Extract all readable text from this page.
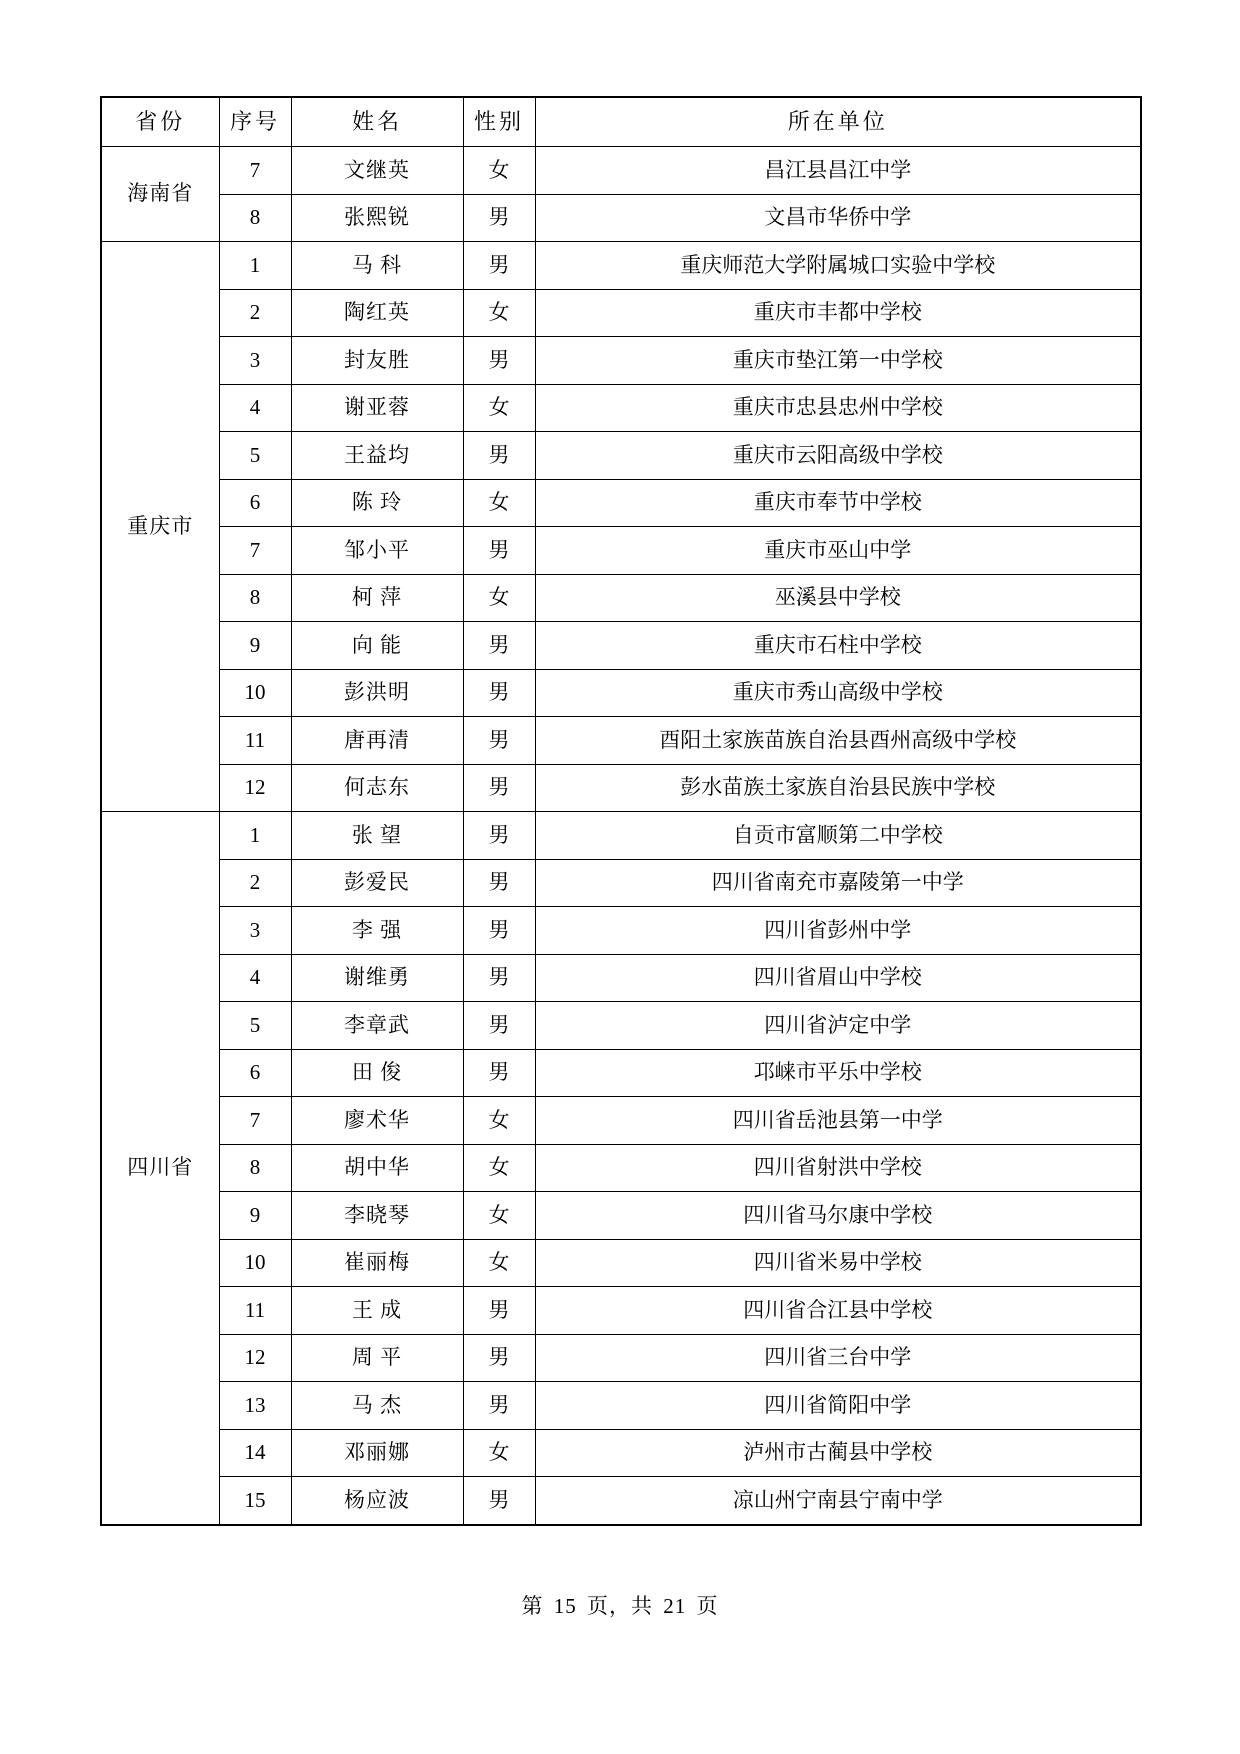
省份	序号	姓名	性别	所在单位
海南省	7	文继英	女	昌江县昌江中学
	8	张熙锐	男	文昌市华侨中学
重庆市	1	马 科	男	重庆师范大学附属城口实验中学校
	2	陶红英	女	重庆市丰都中学校
	3	封友胜	男	重庆市垫江第一中学校
	4	谢亚蓉	女	重庆市忠县忠州中学校
	5	王益均	男	重庆市云阳高级中学校
	6	陈 玲	女	重庆市奉节中学校
	7	邹小平	男	重庆市巫山中学
	8	柯 萍	女	巫溪县中学校
	9	向 能	男	重庆市石柱中学校
	10	彭洪明	男	重庆市秀山高级中学校
	11	唐再清	男	酉阳土家族苗族自治县酉州高级中学校
	12	何志东	男	彭水苗族土家族自治县民族中学校
四川省	1	张 望	男	自贡市富顺第二中学校
	2	彭爱民	男	四川省南充市嘉陵第一中学
	3	李 强	男	四川省彭州中学
	4	谢维勇	男	四川省眉山中学校
	5	李章武	男	四川省泸定中学
	6	田 俊	男	邛崃市平乐中学校
	7	廖术华	女	四川省岳池县第一中学
	8	胡中华	女	四川省射洪中学校
	9	李晓琴	女	四川省马尔康中学校
	10	崔丽梅	女	四川省米易中学校
	11	王 成	男	四川省合江县中学校
	12	周 平	男	四川省三台中学
	13	马 杰	男	四川省简阳中学
	14	邓丽娜	女	泸州市古蔺县中学校
	15	杨应波	男	凉山州宁南县宁南中学
第 15 页，共 21 页
